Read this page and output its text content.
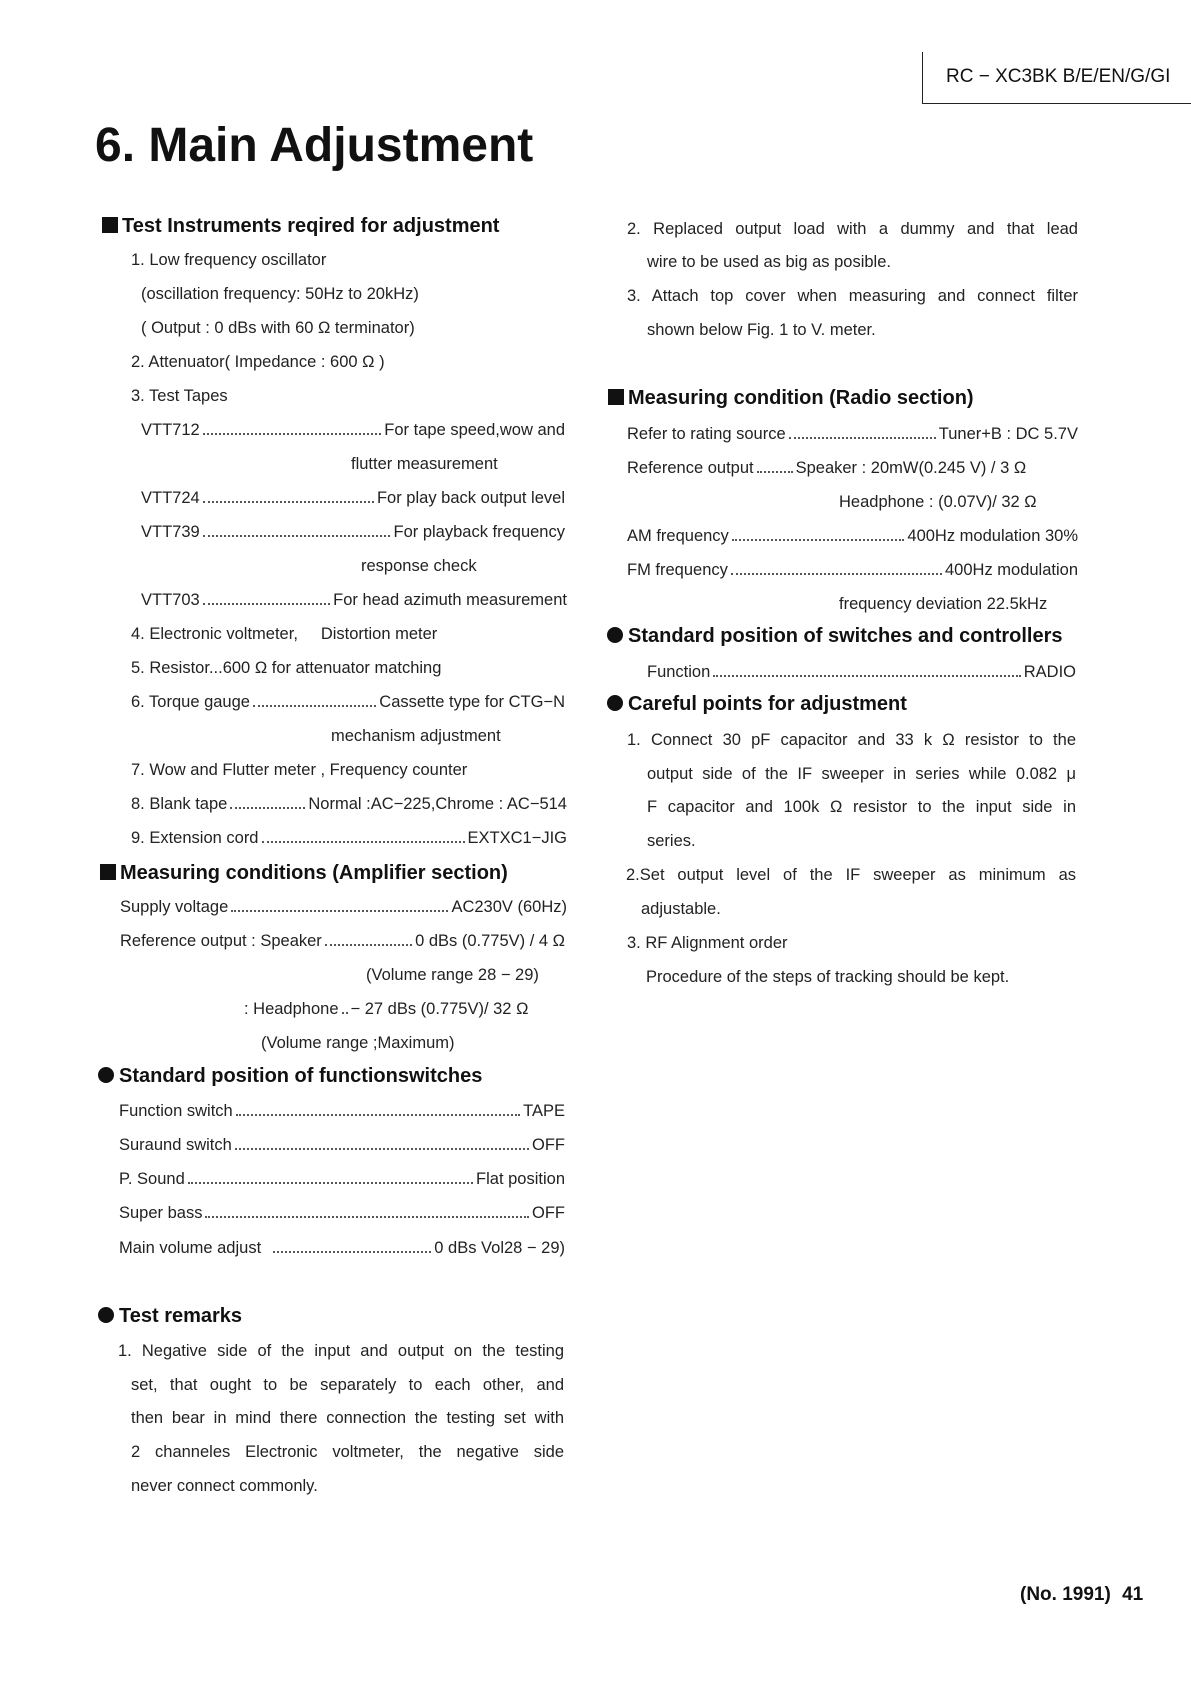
RC − XC3BK B/E/EN/G/GI
6. Main Adjustment
Test Instruments reqired for adjustment
1. Low frequency oscillator
(oscillation frequency: 50Hz to 20kHz)
( Output : 0 dBs with 60 Ω terminator)
2. Attenuator( Impedance : 600 Ω )
3. Test Tapes
VTT712	For tape speed,wow and
flutter measurement
VTT724	For play back output level
VTT739	For playback frequency
response check
VTT703	For head azimuth measurement
4. Electronic voltmeter,     Distortion meter
5. Resistor...600 Ω for attenuator matching
6. Torque gauge	Cassette type for CTG−N
mechanism adjustment
7. Wow and Flutter meter , Frequency counter
8. Blank tape	Normal :AC−225,Chrome : AC−514
9. Extension cord	EXTXC1−JIG
Measuring conditions (Amplifier section)
Supply voltage	AC230V (60Hz)
Reference output : Speaker	0 dBs (0.775V) / 4 Ω
(Volume range 28 − 29)
: Headphone − 27 dBs (0.775V)/ 32 Ω
(Volume range ;Maximum)
Standard position of functionswitches
Function switch	TAPE
Suraund switch	OFF
P. Sound	Flat position
Super bass	OFF
Main volume adjust	0 dBs Vol28 − 29)
Test remarks
1. Negative side of the input and output on the testing
set, that ought to be separately to each other, and
then bear in mind there connection the testing set with
2 channeles Electronic voltmeter, the negative side
never connect commonly.
2. Replaced output load with a dummy and that lead
wire to be used as big as posible.
3. Attach top cover when measuring and connect filter
shown below Fig. 1 to V. meter.
Measuring condition (Radio section)
Refer to rating source	Tuner+B : DC 5.7V
Reference output	Speaker : 20mW(0.245 V) / 3 Ω
Headphone : (0.07V)/ 32 Ω
AM frequency	400Hz modulation 30%
FM frequency	400Hz modulation
frequency deviation 22.5kHz
Standard position of switches and controllers
Function	RADIO
Careful points for adjustment
1. Connect 30 pF capacitor and 33 k Ω resistor to the
output side of the IF sweeper in series while 0.082 μ
F capacitor and 100k Ω resistor to the input side in
series.
2.Set output level of the IF sweeper as minimum as
adjustable.
3. RF Alignment order
Procedure of the steps of tracking should be kept.
(No. 1991) 41
